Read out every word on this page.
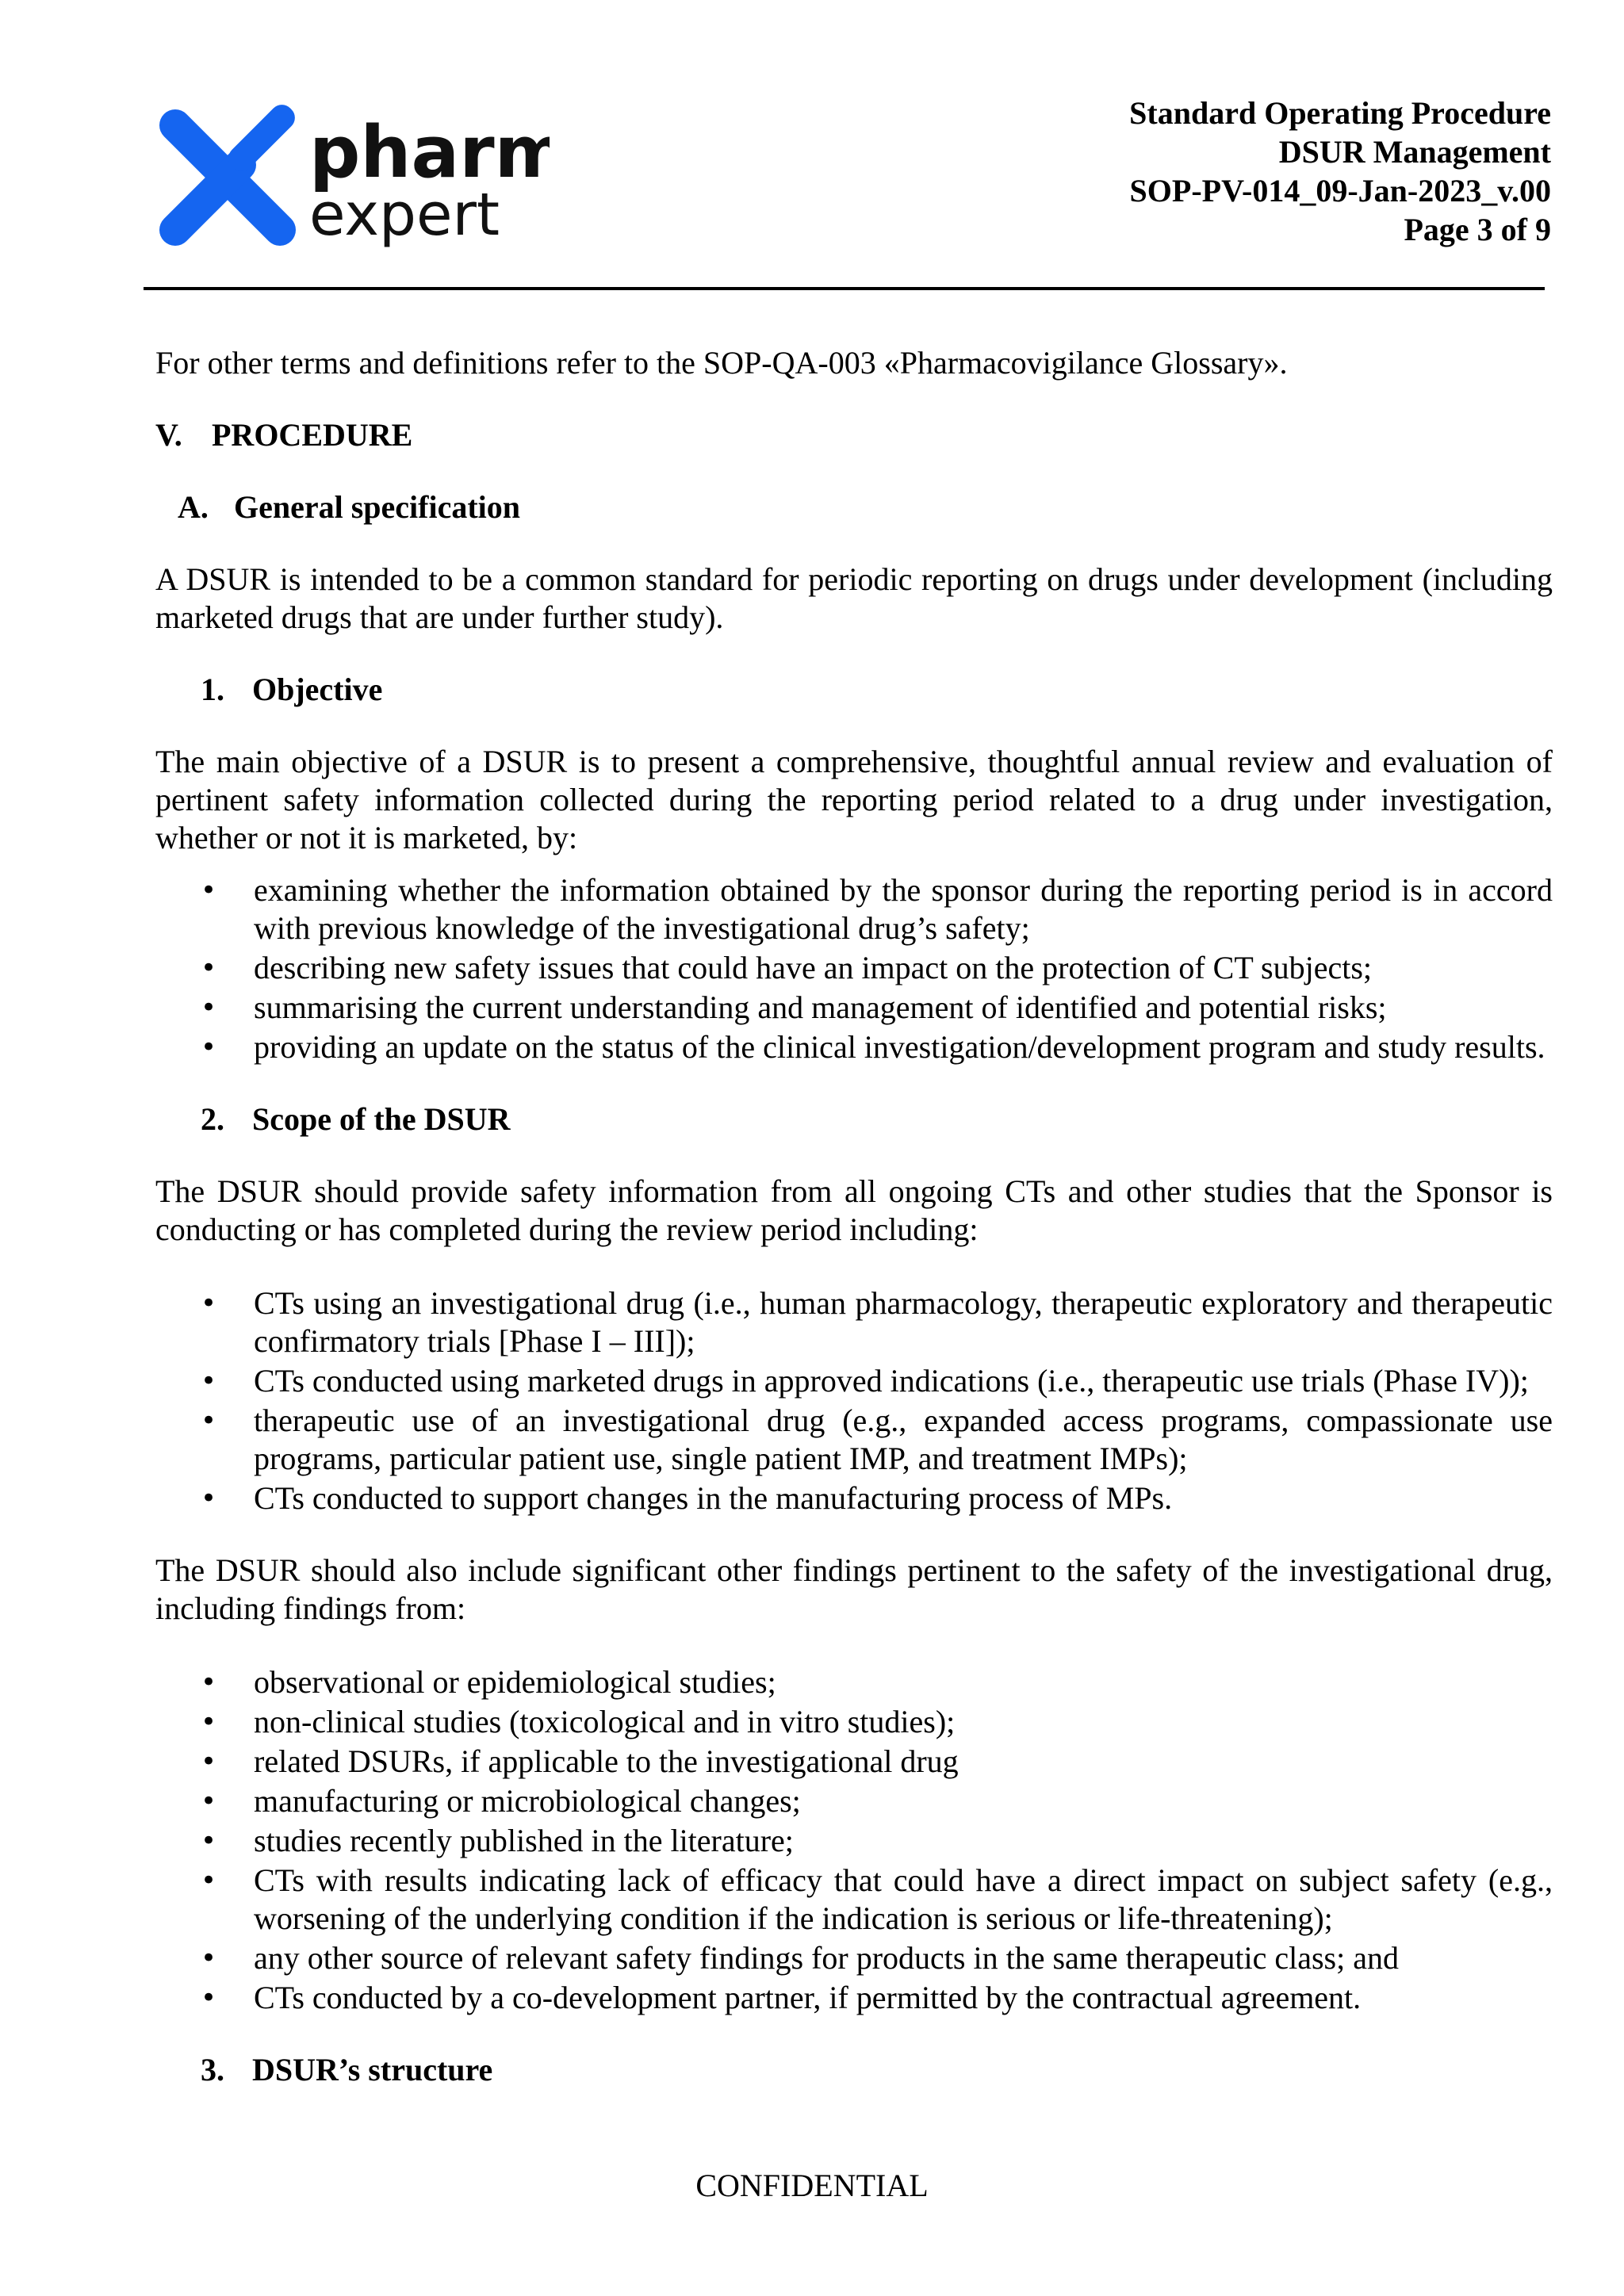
pharm
expert
Standard Operating Procedure
DSUR Management
SOP-PV-014_09-Jan-2023_v.00
Page 3 of 9

For other terms and definitions refer to the SOP-QA-003 «Pharmacovigilance Glossary».

V. PROCEDURE

A. General specification

A DSUR is intended to be a common standard for periodic reporting on drugs under development (including marketed drugs that are under further study).

1. Objective

The main objective of a DSUR is to present a comprehensive, thoughtful annual review and evaluation of pertinent safety information collected during the reporting period related to a drug under investigation, whether or not it is marketed, by:

• examining whether the information obtained by the sponsor during the reporting period is in accord with previous knowledge of the investigational drug’s safety;
• describing new safety issues that could have an impact on the protection of CT subjects;
• summarising the current understanding and management of identified and potential risks;
• providing an update on the status of the clinical investigation/development program and study results.

2. Scope of the DSUR

The DSUR should provide safety information from all ongoing CTs and other studies that the Sponsor is conducting or has completed during the review period including:

• CTs using an investigational drug (i.e., human pharmacology, therapeutic exploratory and therapeutic confirmatory trials [Phase I – III]);
• CTs conducted using marketed drugs in approved indications (i.e., therapeutic use trials (Phase IV));
• therapeutic use of an investigational drug (e.g., expanded access programs, compassionate use programs, particular patient use, single patient IMP, and treatment IMPs);
• CTs conducted to support changes in the manufacturing process of MPs.

The DSUR should also include significant other findings pertinent to the safety of the investigational drug, including findings from:

• observational or epidemiological studies;
• non-clinical studies (toxicological and in vitro studies);
• related DSURs, if applicable to the investigational drug
• manufacturing or microbiological changes;
• studies recently published in the literature;
• CTs with results indicating lack of efficacy that could have a direct impact on subject safety (e.g., worsening of the underlying condition if the indication is serious or life-threatening);
• any other source of relevant safety findings for products in the same therapeutic class; and
• CTs conducted by a co-development partner, if permitted by the contractual agreement.

3. DSUR’s structure

CONFIDENTIAL
